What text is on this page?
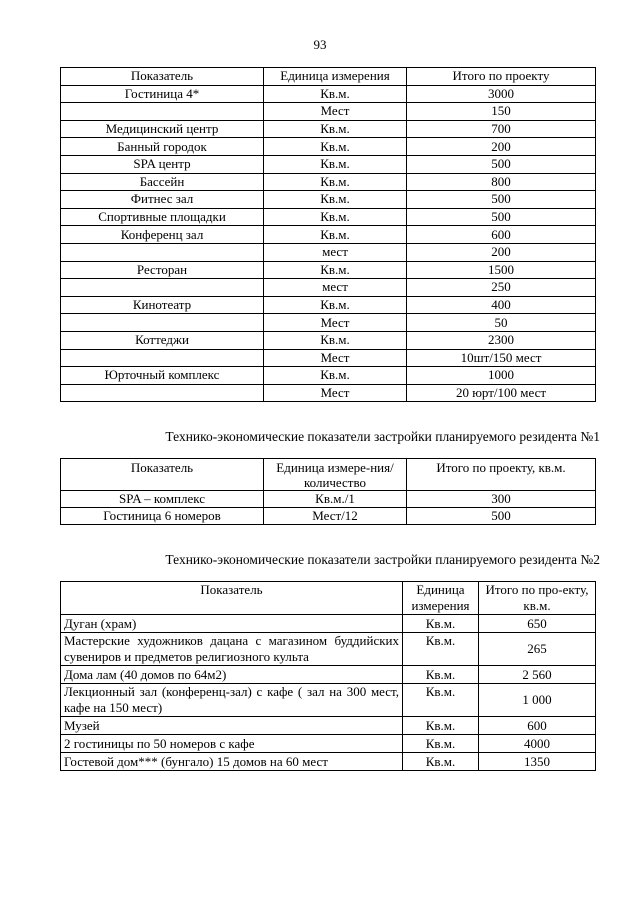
93
Показатель	Единица измерения	Итого по проекту
Гостиница 4*	Кв.м.	3000
	Мест	150
Медицинский центр	Кв.м.	700
Банный городок	Кв.м.	200
SPA центр	Кв.м.	500
Бассейн	Кв.м.	800
Фитнес зал	Кв.м.	500
Спортивные площадки	Кв.м.	500
Конференц зал	Кв.м.	600
	мест	200
Ресторан	Кв.м.	1500
	мест	250
Кинотеатр	Кв.м.	400
	Мест	50
Коттеджи	Кв.м.	2300
	Мест	10шт/150 мест
Юрточный комплекс	Кв.м.	1000
	Мест	20 юрт/100 мест
Технико-экономические показатели застройки планируемого резидента №1
Показатель	Единица измере-ния/количество	Итого по проекту, кв.м.
SPA – комплекс	Кв.м./1	300
Гостиница 6 номеров	Мест/12	500
Технико-экономические показатели застройки планируемого резидента №2
Показатель	Единица измерения	Итого по про-екту, кв.м.
Дуган (храм)	Кв.м.	650
Мастерские художников дацана с магазином буддийских сувениров и предметов религиозного культа	Кв.м.	265
Дома лам (40 домов по 64м2)	Кв.м.	2 560
Лекционный зал (конференц-зал) с кафе ( зал на 300 мест, кафе на 150 мест)	Кв.м.	1 000
Музей	Кв.м.	600
2 гостиницы по 50 номеров с кафе	Кв.м.	4000
Гостевой дом*** (бунгало) 15 домов на 60 мест	Кв.м.	1350
